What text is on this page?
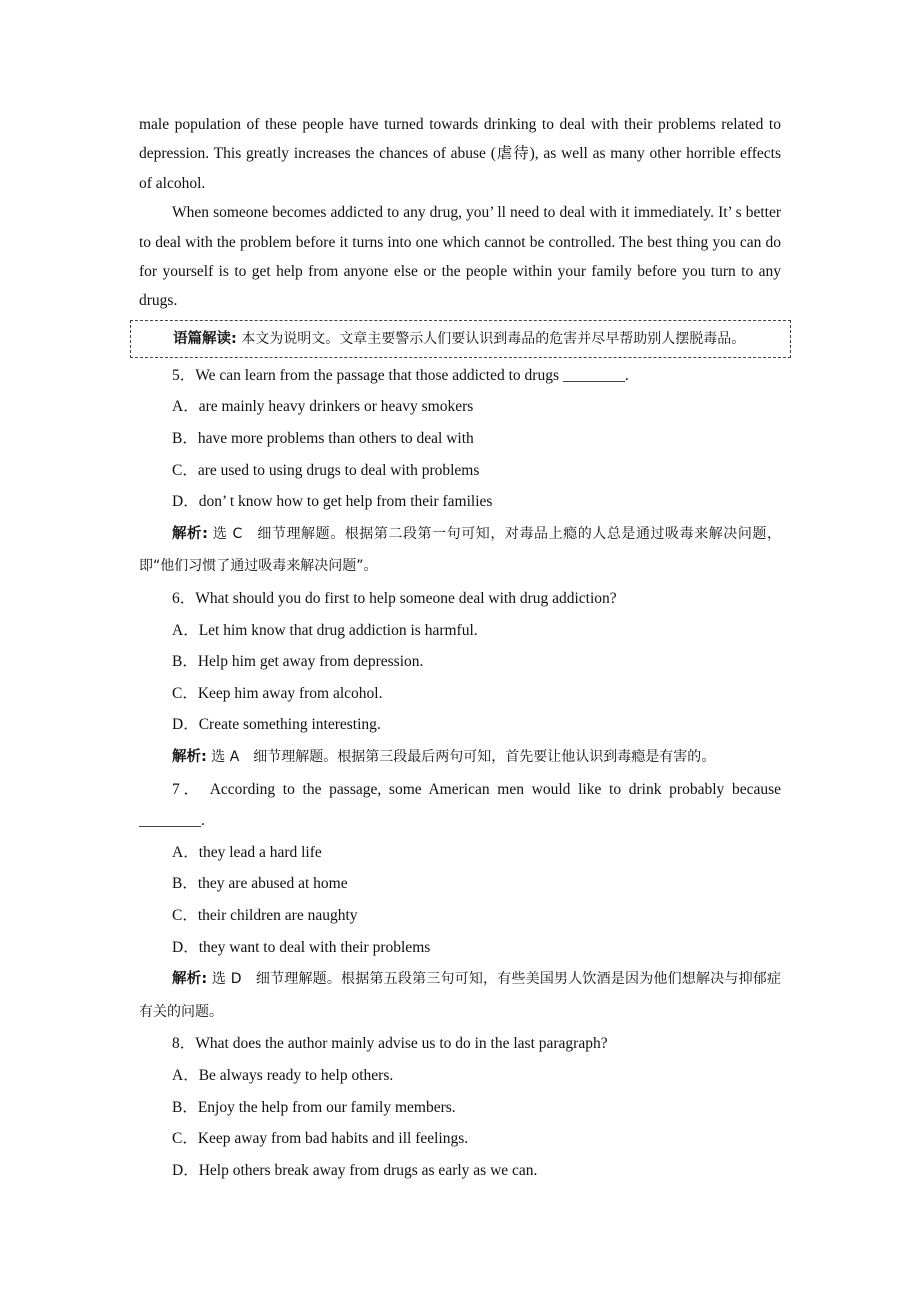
male population of these people have turned towards drinking to deal with their problems related to depression. This greatly increases the chances of abuse (虐待), as well as many other horrible effects of alcohol.

When someone becomes addicted to any drug, you’ ll need to deal with it immediately. It’ s better to deal with the problem before it turns into one which cannot be controlled. The best thing you can do for yourself is to get help from anyone else or the people within your family before you turn to any drugs.

语篇解读: 本文为说明文。文章主要警示人们要认识到毒品的危害并尽早帮助别人摆脱毒品。
5．We can learn from the passage that those addicted to drugs ________.
A．are mainly heavy drinkers or heavy smokers
B．have more problems than others to deal with
C．are used to using drugs to deal with problems
D．don’ t know how to get help from their families
解析: 选 C　细节理解题。根据第二段第一句可知，对毒品上瘾的人总是通过吸毒来解决问题，即“他们习惯了通过吸毒来解决问题”。
6．What should you do first to help someone deal with drug addiction?
A．Let him know that drug addiction is harmful.
B．Help him get away from depression.
C．Keep him away from alcohol.
D．Create something interesting.
解析: 选 A　细节理解题。根据第三段最后两句可知，首先要让他认识到毒瘾是有害的。
7． According to the passage, some American men would like to drink probably because
________.
A．they lead a hard life
B．they are abused at home
C．their children are naughty
D．they want to deal with their problems
解析: 选 D　细节理解题。根据第五段第三句可知，有些美国男人饮酒是因为他们想解决与抑郁症有关的问题。
8．What does the author mainly advise us to do in the last paragraph?
A．Be always ready to help others.
B．Enjoy the help from our family members.
C．Keep away from bad habits and ill feelings.
D．Help others break away from drugs as early as we can.
